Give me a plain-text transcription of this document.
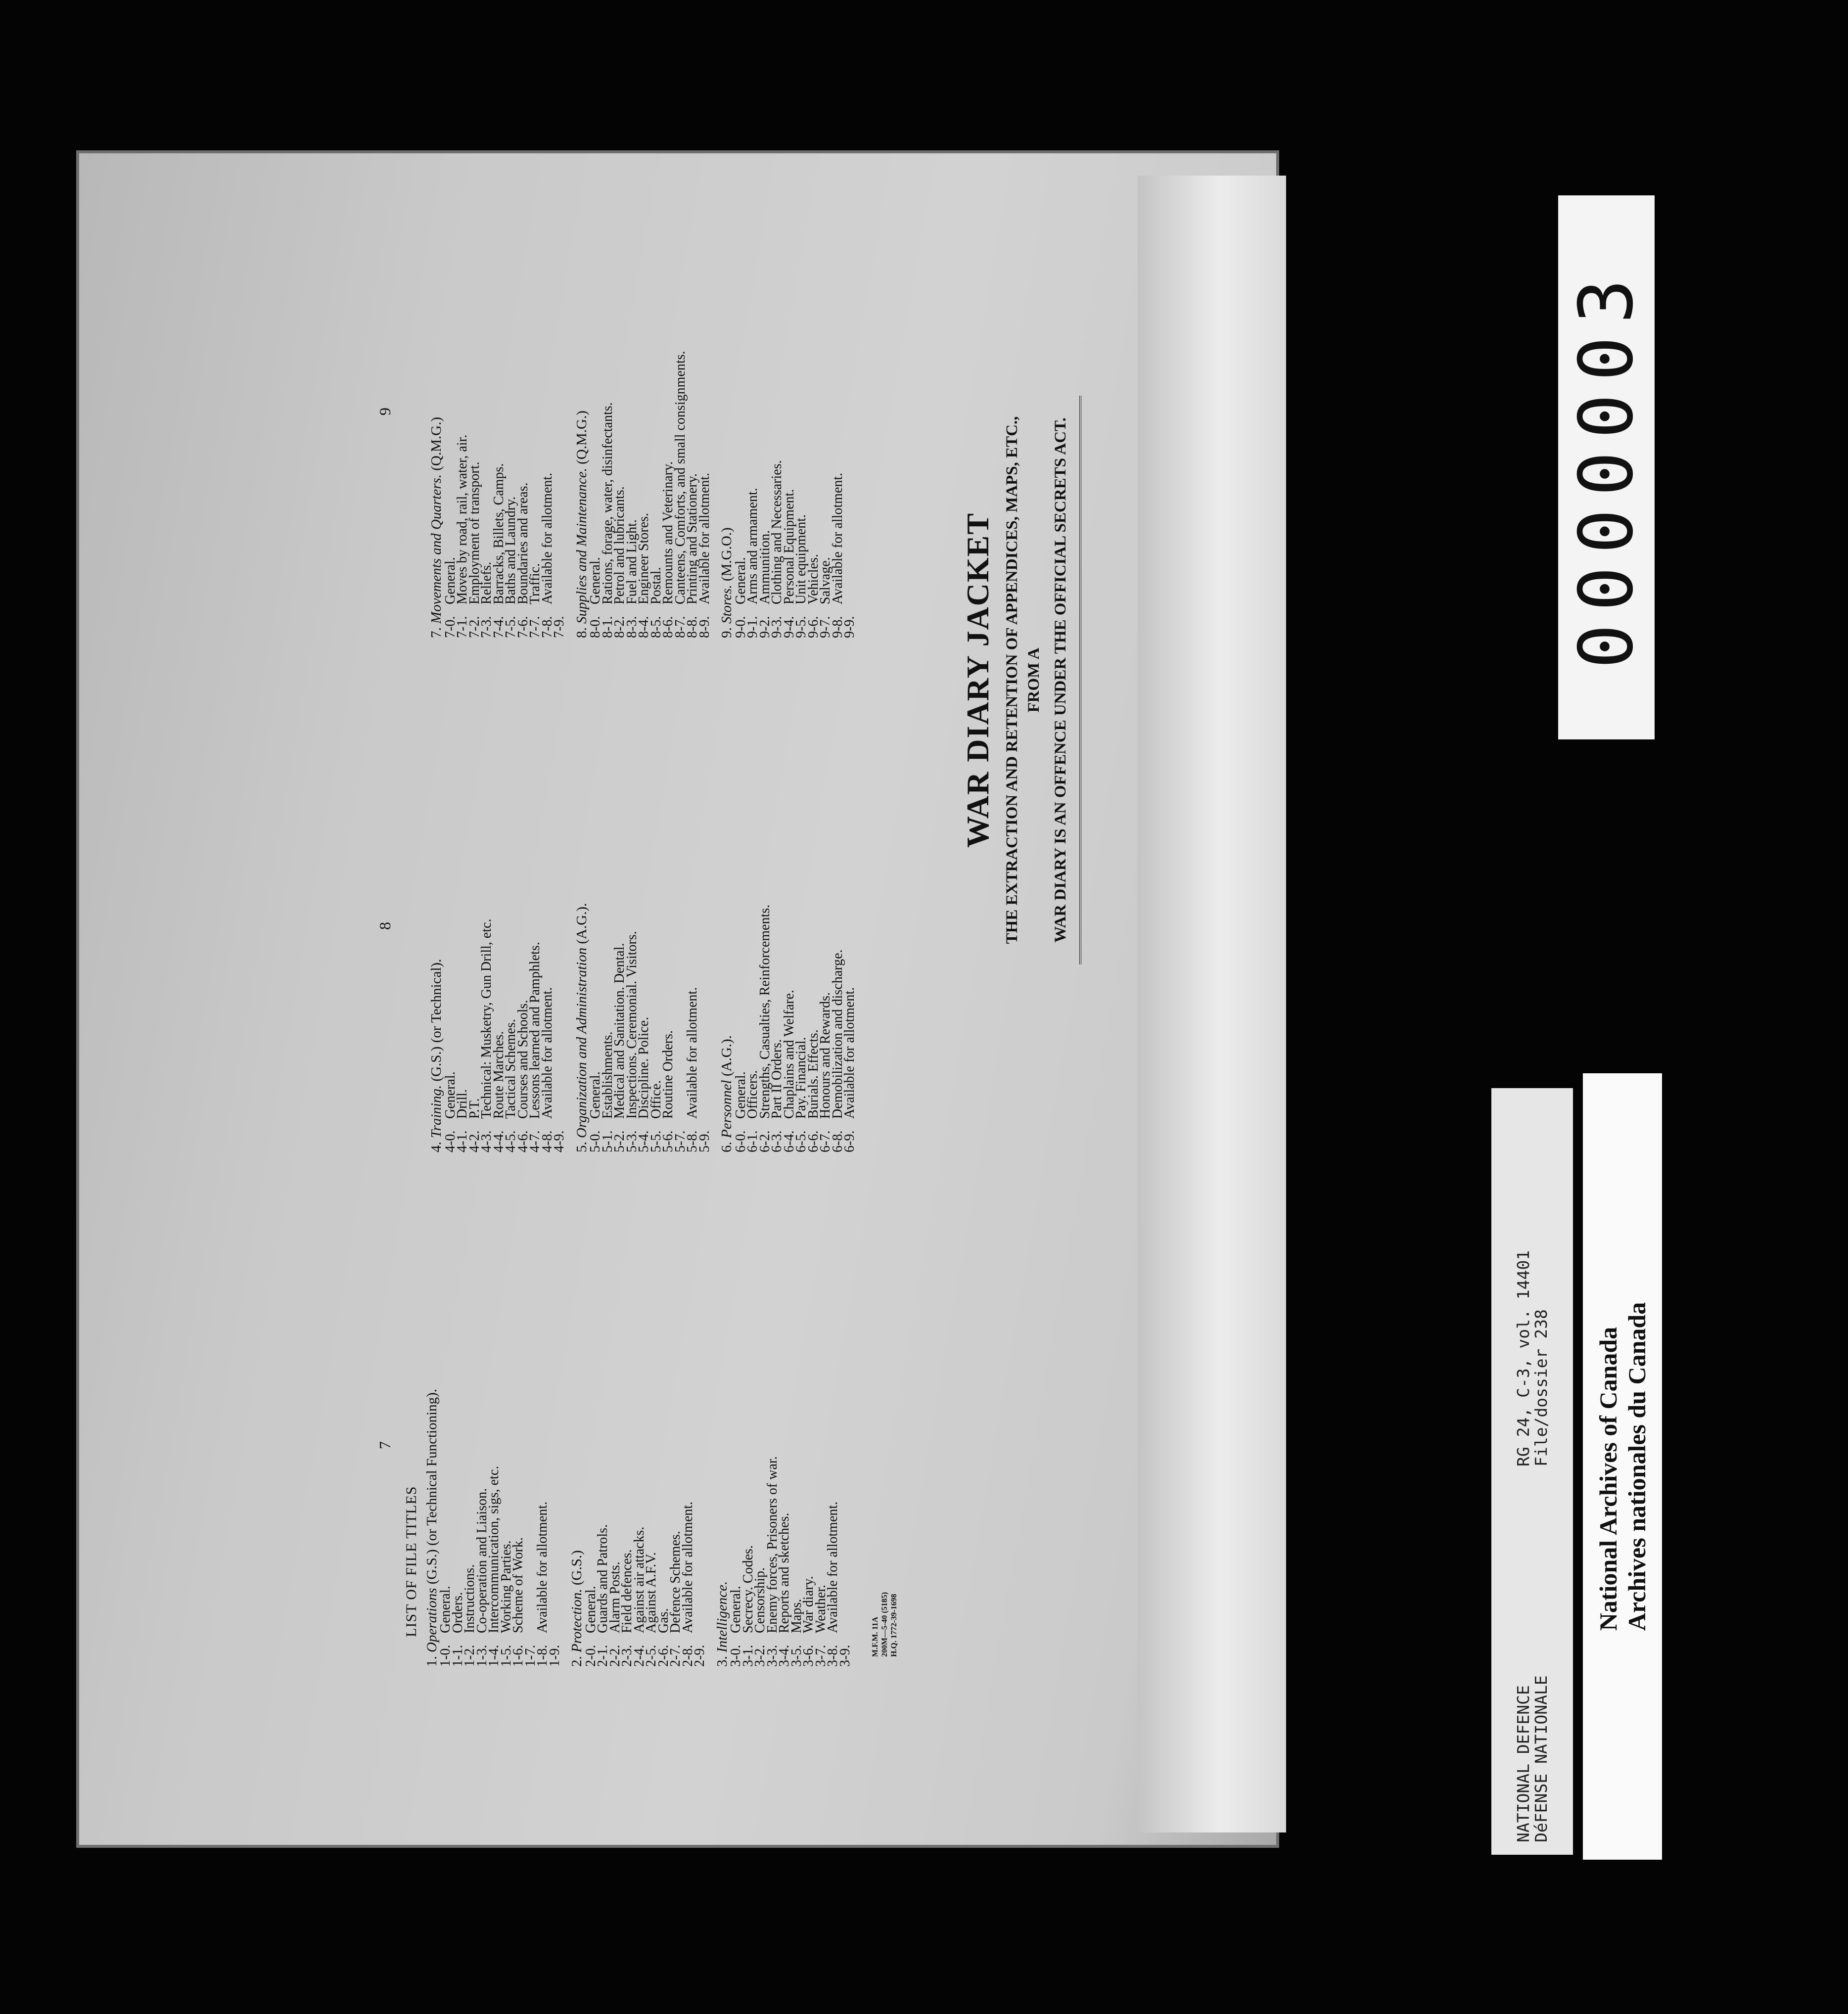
WAR DIARY JACKET THE EXTRACTION AND RETENTION OF APPENDICES, MAPS, ETC., FROM A WAR DIARY IS AN OFFENCE UNDER THE OFFICIAL SECRETS ACT.
7
8
9
LIST OF FILE TITLES
1. Operations (G.S.) (or Technical Functioning).
1-0.General.
1-1.Orders.
1-2.Instructions.
1-3.Co-operation and Liaison.
1-4.Intercommunication, sigs, etc.
1-5.Working Parties.
1-6.Scheme of Work.
1-7.
1-8.Available for allotment.
1-9. 2. Protection. (G.S.)
2-0.General.
2-1.Guards and Patrols.
2-2.Alarm Posts.
2-3.Field defences.
2-4.Against air attacks.
2-5.Against A.F.V.
2-6.Gas.
2-7.Defence Schemes.
2-8.Available for allotment.
2-9. 3. Intelligence.
3-0.General.
3-1.Secrecy. Codes.
3-2.Censorship.
3-3.Enemy forces, Prisoners of war.
3-4.Reports and sketches.
3-5.Maps.
3-6.War diary.
3-7.Weather.
3-8.Available for allotment.
3-9.
4. Training. (G.S.) (or Technical).
4-0.General.
4-1.Drill.
4-2.P.T.
4-3.Technical: Musketry, Gun Drill, etc.
4-4.Route Marches.
4-5.Tactical Schemes.
4-6.Courses and Schools.
4-7.Lessons learned and Pamphlets.
4-8.Available for allotment.
4-9. 5. Organization and Administration (A.G.).
5-0.General.
5-1.Establishments.
5-2.Medical and Sanitation. Dental.
5-3.Inspections. Ceremonial. Visitors.
5-4.Discipline. Police.
5-5.Office.
5-6.Routine Orders.
5-7.
5-8.Available for allotment.
5-9. 6. Personnel (A.G.).
6-0.General.
6-1.Officers.
6-2.Strengths, Casualties, Reinforcements.
6-3.Part II Orders.
6-4.Chaplains and Welfare.
6-5.Pay. Financial.
6-6.Burials. Effects.
6-7.Honours and Rewards.
6-8.Demobilization and discharge.
6-9.Available for allotment.
7. Movements and Quarters. (Q.M.G.)
7-0.General.
7-1.Moves by road, rail, water, air.
7-2.Employment of transport.
7-3.Reliefs.
7-4.Barracks, Billets, Camps.
7-5.Baths and Laundry.
7-6.Boundaries and areas.
7-7.Traffic.
7-8.Available for allotment.
7-9. 8. Supplies and Maintenance. (Q.M.G.)
8-0.General.
8-1.Rations, forage, water, disinfectants.
8-2.Petrol and lubricants.
8-3.Fuel and Light.
8-4.Engineer Stores.
8-5.Postal.
8-6.Remounts and Veterinary.
8-7.Canteens, Comforts, and small consignments.
8-8.Printing and Stationery.
8-9.Available for allotment.
9. Stores. (M.G.O.)
9-0.General.
9-1.Arms and armament.
9-2.Ammunition.
9-3.Clothing and Necessaries.
9-4.Personal Equipment.
9-5.Unit equipment.
9-6.Vehicles.
9-7.Salvage.
9-8.Available for allotment.
9-9.
M.F.M. 11A 200M—5-40 (5185) H.Q. 1772-39-1698
0000003
NATIONAL DEFENCE
DéFENSE NATIONALE
RG 24, C-3, vol. 14401
File/dossier 238 National Archives of Canada Archives nationales du Canada
